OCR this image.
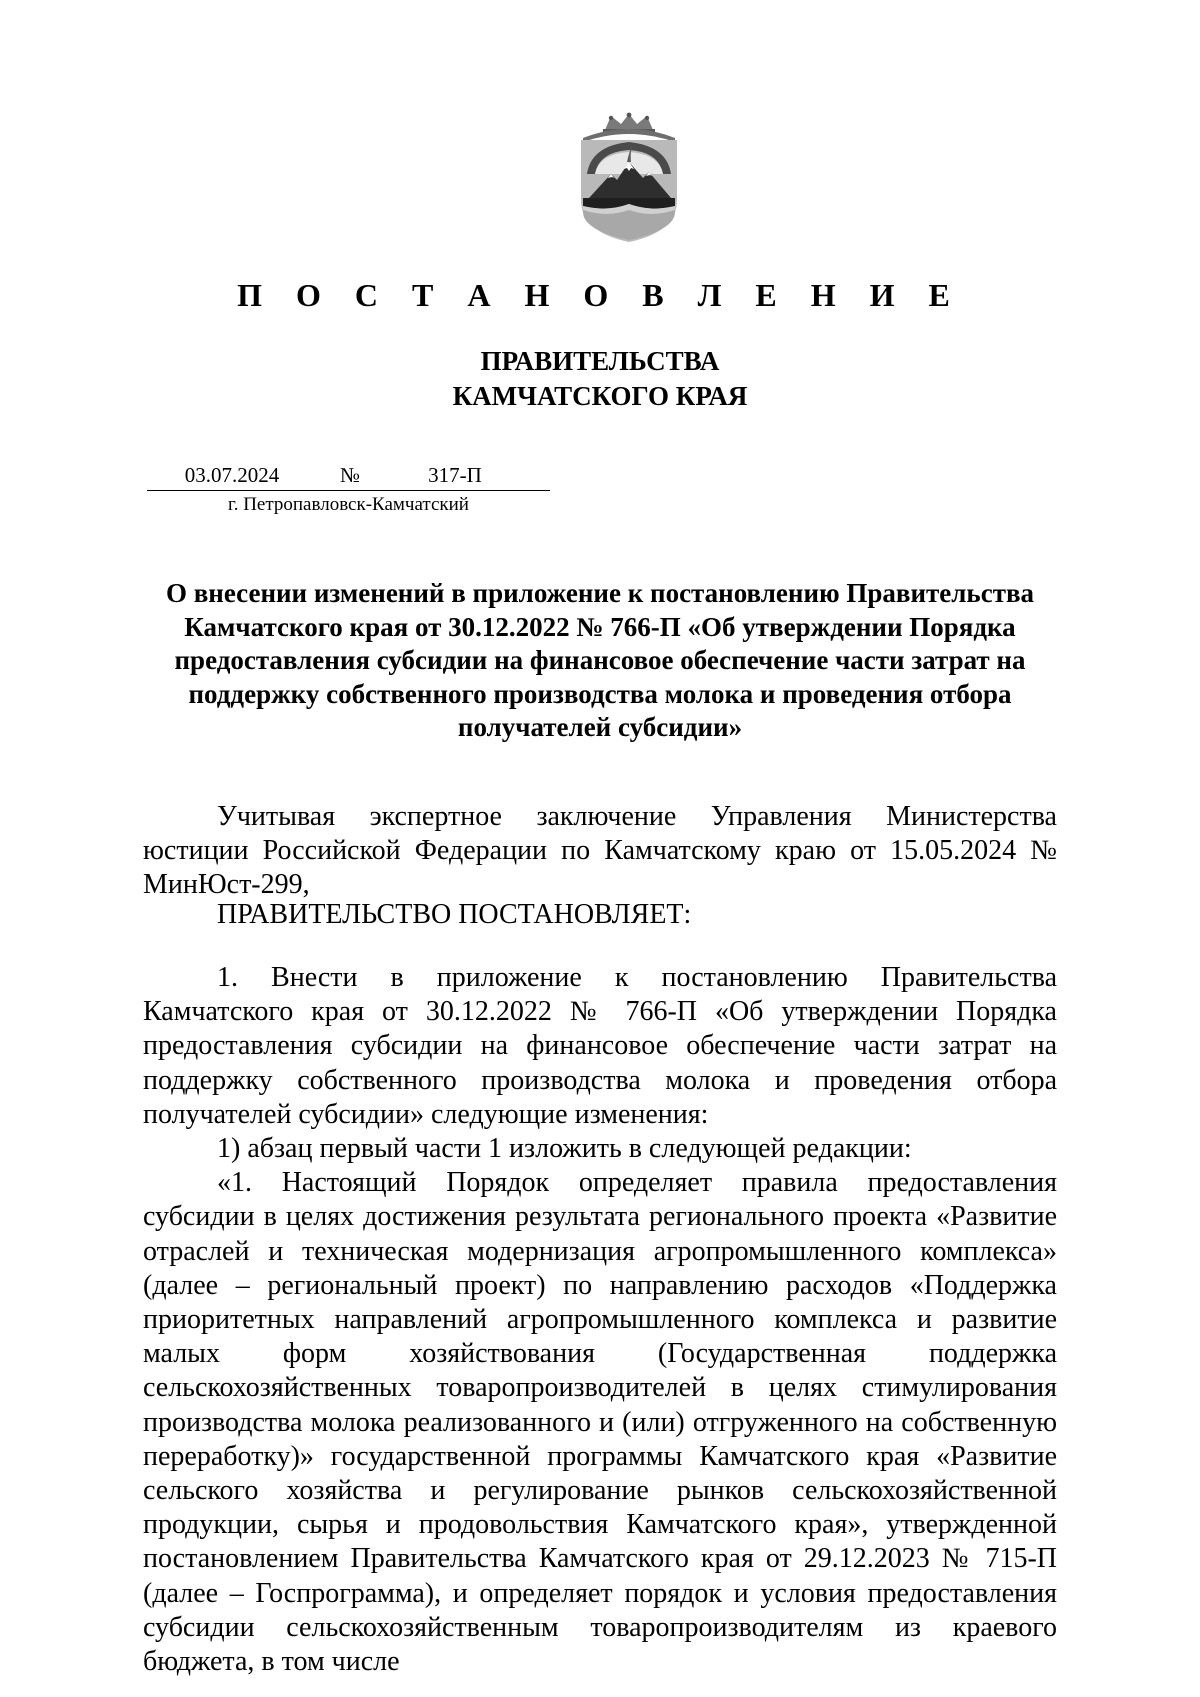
П О С Т А Н О В Л Е Н И Е
ПРАВИТЕЛЬСТВА
КАМЧАТСКОГО КРАЯ
03.07.2024	№	317-П
г. Петропавловск-Камчатский
О внесении изменений в приложение к постановлению Правительства Камчатского края от 30.12.2022 № 766-П «Об утверждении Порядка предоставления субсидии на финансовое обеспечение части затрат на поддержку собственного производства молока и проведения отбора получателей субсидии»
Учитывая экспертное заключение Управления Министерства юстиции Российской Федерации по Камчатскому краю от 15.05.2024 № МинЮст-299,
ПРАВИТЕЛЬСТВО ПОСТАНОВЛЯЕТ:

1. Внести в приложение к постановлению Правительства Камчатского края от 30.12.2022 № 766-П «Об утверждении Порядка предоставления субсидии на финансовое обеспечение части затрат на поддержку собственного производства молока и проведения отбора получателей субсидии» следующие изменения:

1) абзац первый части 1 изложить в следующей редакции:

«1. Настоящий Порядок определяет правила предоставления субсидии в целях достижения результата регионального проекта «Развитие отраслей и техническая модернизация агропромышленного комплекса» (далее – региональный проект) по направлению расходов «Поддержка приоритетных направлений агропромышленного комплекса и развитие малых форм хозяйствования (Государственная поддержка сельскохозяйственных товаропроизводителей в целях стимулирования производства молока реализованного и (или) отгруженного на собственную переработку)» государственной программы Камчатского края «Развитие сельского хозяйства и регулирование рынков сельскохозяйственной продукции, сырья и продовольствия Камчатского края», утвержденной постановлением Правительства Камчатского края от 29.12.2023 № 715-П (далее – Госпрограмма), и определяет порядок и условия предоставления субсидии сельскохозяйственным товаропроизводителям из краевого бюджета, в том числе
